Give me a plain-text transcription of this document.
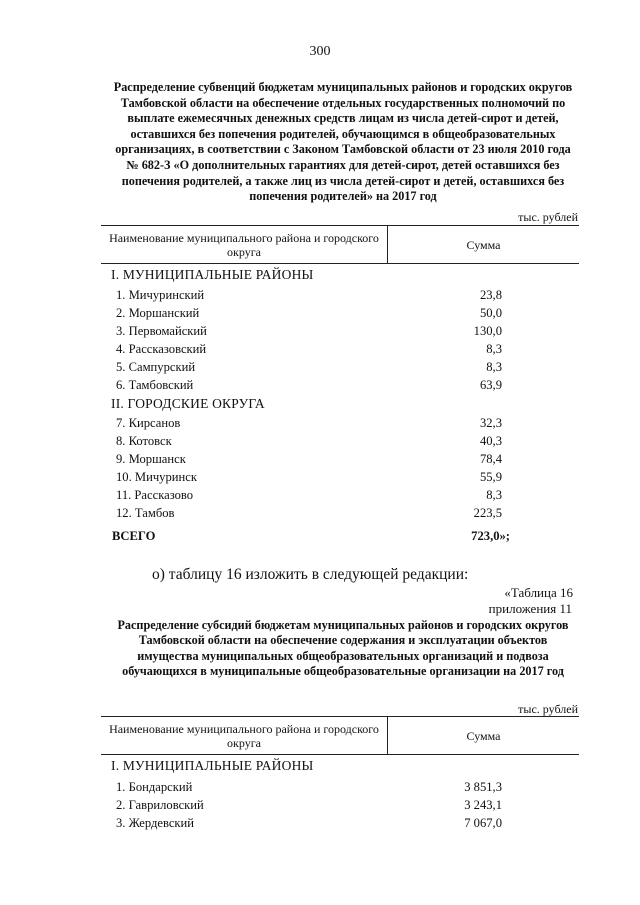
300
Распределение субвенций бюджетам муниципальных районов и городских округов Тамбовской области на обеспечение отдельных государственных полномочий по выплате ежемесячных денежных средств лицам из числа детей-сирот и детей, оставшихся без попечения родителей, обучающимся в общеобразовательных организациях, в соответствии с Законом Тамбовской области от 23 июля 2010 года № 682-З «О дополнительных гарантиях для детей-сирот, детей оставшихся без попечения родителей, а также лиц из числа детей-сирот и детей, оставшихся без попечения родителей» на 2017 год
тыс. рублей
Наименование муниципального района и городского округа	Сумма
I. МУНИЦИПАЛЬНЫЕ РАЙОНЫ
1. Мичуринский	23,8
2. Моршанский	50,0
3. Первомайский	130,0
4. Рассказовский	8,3
5. Сампурский	8,3
6. Тамбовский	63,9
II. ГОРОДСКИЕ ОКРУГА
7. Кирсанов	32,3
8. Котовск	40,3
9. Моршанск	78,4
10. Мичуринск	55,9
11. Рассказово	8,3
12. Тамбов	223,5
ВСЕГО	723,0»;
о) таблицу 16 изложить в следующей редакции:
«Таблица 16
приложения 11
Распределение субсидий бюджетам муниципальных районов и городских округов Тамбовской области на обеспечение содержания и эксплуатации объектов имущества муниципальных общеобразовательных организаций и подвоза обучающихся в муниципальные общеобразовательные организации на 2017 год
тыс. рублей
Наименование муниципального района и городского округа	Сумма
I. МУНИЦИПАЛЬНЫЕ РАЙОНЫ
1. Бондарский	3 851,3
2. Гавриловский	3 243,1
3. Жердевский	7 067,0
